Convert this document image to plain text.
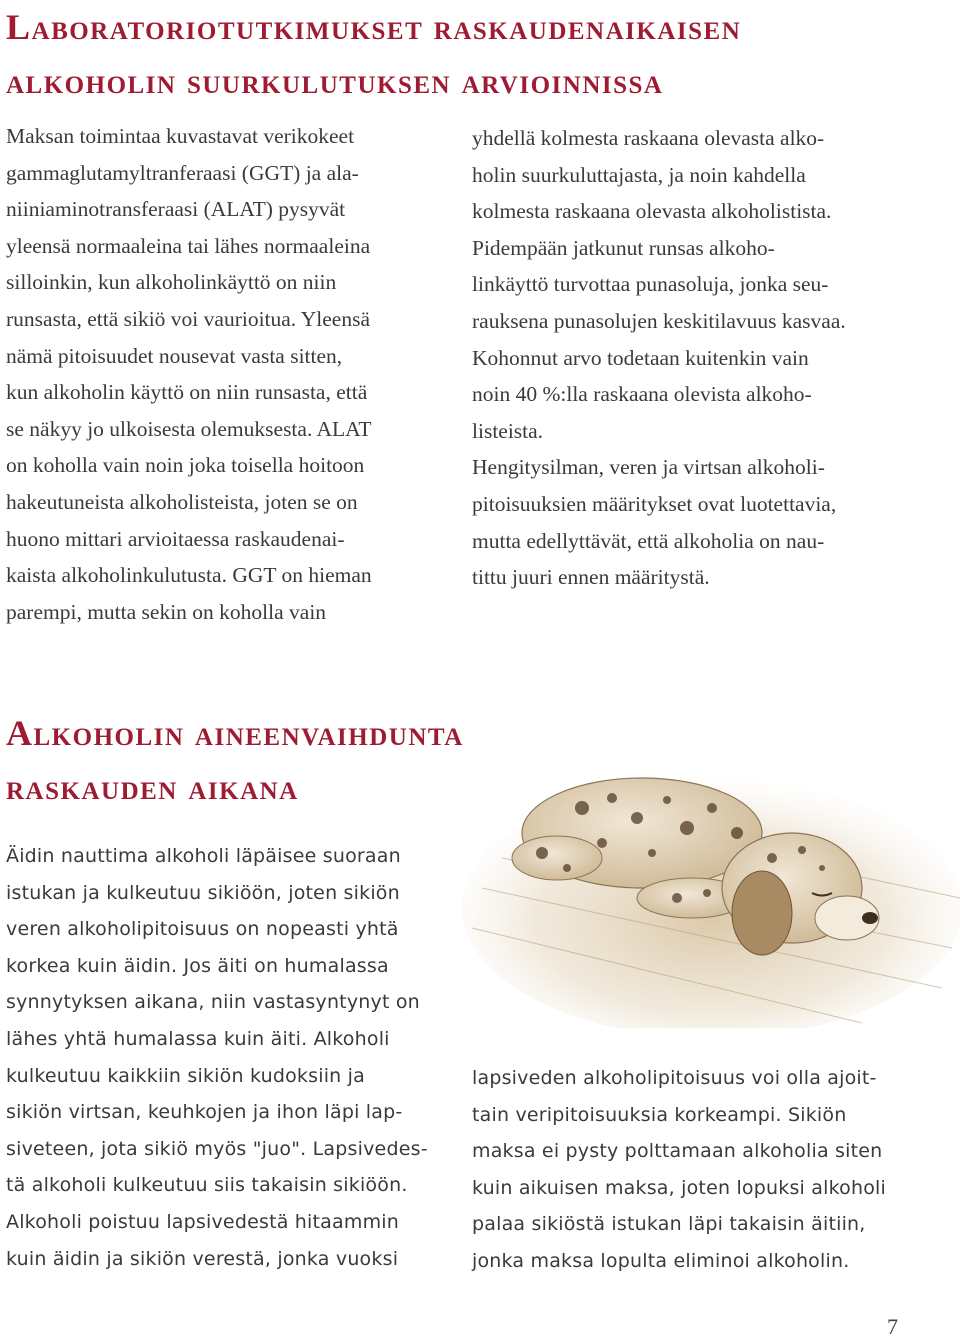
Laboratoriotutkimukset raskaudenaikaisen
alkoholin suurkulutuksen arvioinnissa

Maksan toimintaa kuvastavat verikokeet
gammaglutamyltranferaasi (GGT) ja ala-
niiniaminotransferaasi (ALAT) pysyvät
yleensä normaaleina tai lähes normaaleina
silloinkin, kun alkoholinkäyttö on niin
runsasta, että sikiö voi vaurioitua. Yleensä
nämä pitoisuudet nousevat vasta sitten,
kun alkoholin käyttö on niin runsasta, että
se näkyy jo ulkoisesta olemuksesta. ALAT
on koholla vain noin joka toisella hoitoon
hakeutuneista alkoholisteista, joten se on
huono mittari arvioitaessa raskaudenai-
kaista alkoholinkulutusta. GGT on hieman
parempi, mutta sekin on koholla vain

yhdellä kolmesta raskaana olevasta alko-
holin suurkuluttajasta, ja noin kahdella
kolmesta raskaana olevasta alkoholistista.
Pidempään jatkunut runsas alkoho-
linkäyttö turvottaa punasoluja, jonka seu-
rauksena punasolujen keskitilavuus kasvaa.
Kohonnut arvo todetaan kuitenkin vain
noin 40 %:lla raskaana olevista alkoho-
listeista.
Hengitysilman, veren ja virtsan alkoholi-
pitoisuuksien määritykset ovat luotettavia,
mutta edellyttävät, että alkoholia on nau-
tittu juuri ennen määritystä.

Alkoholin aineenvaihdunta
raskauden aikana

Äidin nauttima alkoholi läpäisee suoraan
istukan ja kulkeutuu sikiöön, joten sikiön
veren alkoholipitoisuus on nopeasti yhtä
korkea kuin äidin. Jos äiti on humalassa
synnytyksen aikana, niin vastasyntynyt on
lähes yhtä humalassa kuin äiti. Alkoholi
kulkeutuu kaikkiin sikiön kudoksiin ja
sikiön virtsan, keuhkojen ja ihon läpi lap-
siveteen, jota sikiö myös "juo". Lapsivedes-
tä alkoholi kulkeutuu siis takaisin sikiöön.
Alkoholi poistuu lapsivedestä hitaammin
kuin äidin ja sikiön verestä, jonka vuoksi

lapsiveden alkoholipitoisuus voi olla ajoit-
tain veripitoisuuksia korkeampi. Sikiön
maksa ei pysty polttamaan alkoholia siten
kuin aikuisen maksa, joten lopuksi alkoholi
palaa sikiöstä istukan läpi takaisin äitiin,
jonka maksa lopulta eliminoi alkoholin.

7
